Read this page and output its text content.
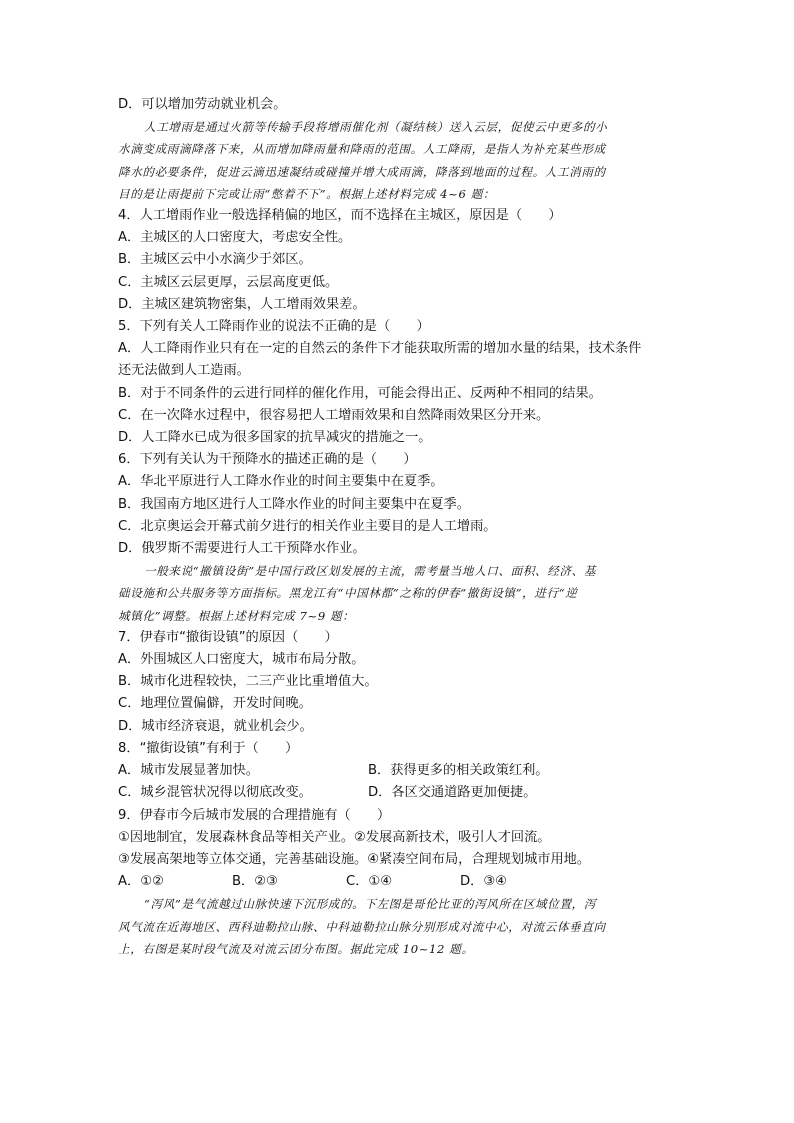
D．可以增加劳动就业机会。
人工增雨是通过火箭等传输手段将增雨催化剂（凝结核）送入云层，促使云中更多的小
水滴变成雨滴降落下来，从而增加降雨量和降雨的范围。人工降雨，是指人为补充某些形成
降水的必要条件，促进云滴迅速凝结或碰撞并增大成雨滴，降落到地面的过程。人工消雨的
目的是让雨提前下完或让雨“憋着不下”。根据上述材料完成 4~6 题：
4．人工增雨作业一般选择稍偏的地区，而不选择在主城区，原因是（　　）
A．主城区的人口密度大，考虑安全性。
B．主城区云中小水滴少于郊区。
C．主城区云层更厚，云层高度更低。
D．主城区建筑物密集，人工增雨效果差。
5．下列有关人工降雨作业的说法不正确的是（　　）
A．人工降雨作业只有在一定的自然云的条件下才能获取所需的增加水量的结果，技术条件
还无法做到人工造雨。
B．对于不同条件的云进行同样的催化作用，可能会得出正、反两种不相同的结果。
C．在一次降水过程中，很容易把人工增雨效果和自然降雨效果区分开来。
D．人工降水已成为很多国家的抗旱减灾的措施之一。
6．下列有关认为干预降水的描述正确的是（　　）
A．华北平原进行人工降水作业的时间主要集中在夏季。
B．我国南方地区进行人工降水作业的时间主要集中在夏季。
C．北京奥运会开幕式前夕进行的相关作业主要目的是人工增雨。
D．俄罗斯不需要进行人工干预降水作业。
一般来说“撤镇设街”是中国行政区划发展的主流，需考量当地人口、面积、经济、基
础设施和公共服务等方面指标。黑龙江有“中国林都”之称的伊春“撤街设镇”，进行“逆
城镇化”调整。根据上述材料完成 7~9 题：
7．伊春市“撤街设镇”的原因（　　）
A．外围城区人口密度大，城市布局分散。
B．城市化进程较快，二三产业比重增值大。
C．地理位置偏僻，开发时间晚。
D．城市经济衰退，就业机会少。
8．“撤街设镇”有利于（　　）
A．城市发展显著加快。	B．获得更多的相关政策红利。
C．城乡混管状况得以彻底改变。	D．各区交通道路更加便捷。
9．伊春市今后城市发展的合理措施有（　　）
①因地制宜，发展森林食品等相关产业。②发展高新技术，吸引人才回流。
③发展高架地等立体交通，完善基础设施。④紧凑空间布局，合理规划城市用地。
A．①②	B．②③	C．①④	D．③④
“泻风”是气流越过山脉快速下沉形成的。下左图是哥伦比亚的泻风所在区域位置，泻
风气流在近海地区、西科迪勒拉山脉、中科迪勒拉山脉分别形成对流中心，对流云体垂直向
上，右图是某时段气流及对流云团分布图。据此完成 10~12 题。
